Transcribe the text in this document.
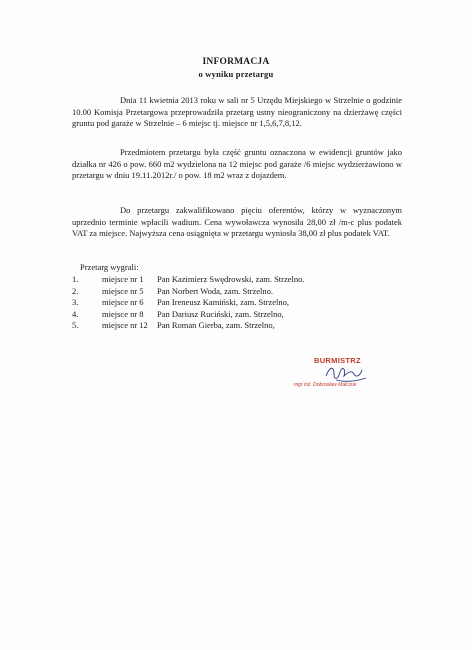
INFORMACJA
o wyniku przetargu
Dnia 11 kwietnia 2013 roku w sali nr 5 Urzędu Miejskiego w Strzelnie o godzinie 10.00 Komisja Przetargowa przeprowadziła przetarg ustny nieograniczony na dzierżawę części gruntu pod garaże w Strzelnie – 6 miejsc tj. miejsce nr 1,5,6,7,8,12.
Przedmiotem przetargu była część gruntu oznaczona w ewidencji gruntów jako działka nr 426 o pow. 660 m2 wydzielona na 12 miejsc pod garaże /6 miejsc wydzierżawiono w przetargu w dniu 19.11.2012r./ o pow. 18 m2 wraz z dojazdem.
Do przetargu zakwalifikowano pięciu oferentów, którzy w wyznaczonym uprzednio terminie wpłacili wadium. Cena wywoławcza wynosiła 28,00 zł /m-c plus podatek VAT za miejsce. Najwyższa cena osiągnięta w przetargu wyniosła 38,00 zł plus podatek VAT.
Przetarg wygrali:
1.	miejsce nr 1	Pan Kazimierz Swędrowski, zam. Strzelno.
2.	miejsce nr 5	Pan Norbert Woda, zam. Strzelno.
3.	miejsce nr 6	Pan Ireneusz Kamiński, zam. Strzelno,
4.	miejsce nr 8	Pan Dariusz Ruciński, zam. Strzelno,
5.	miejsce nr 12	Pan Roman Gierba, zam. Strzelno,
BURMISTRZ
mgr inż. Dobrosław Malczuk
